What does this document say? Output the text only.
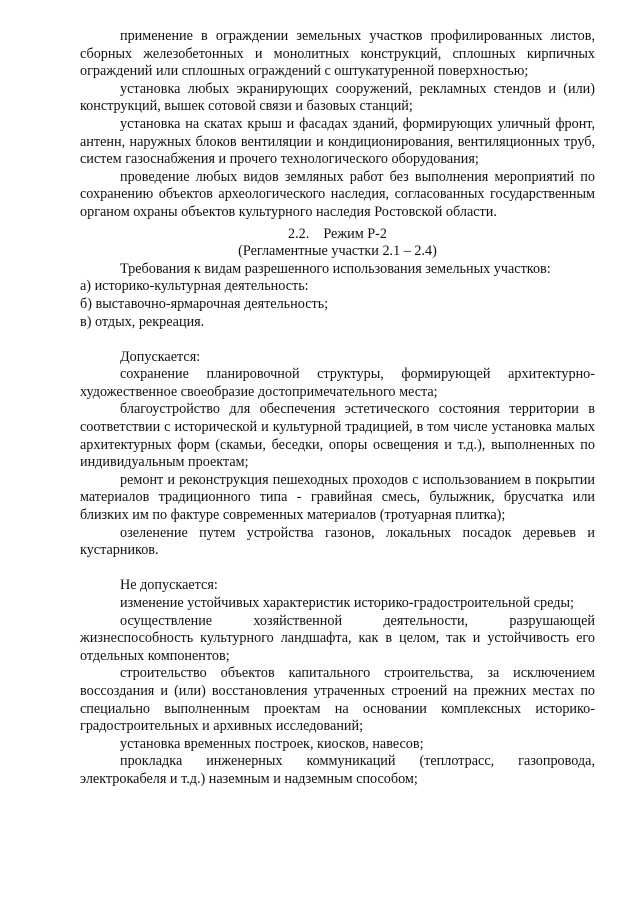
применение в ограждении земельных участков профилированных листов, сборных железобетонных и монолитных конструкций, сплошных кирпичных ограждений или сплошных ограждений с оштукатуренной поверхностью;

установка любых экранирующих сооружений, рекламных стендов и (или) конструкций, вышек сотовой связи и базовых станций;

установка на скатах крыш и фасадах зданий, формирующих уличный фронт, антенн, наружных блоков вентиляции и кондиционирования, вентиляционных труб, систем газоснабжения и прочего технологического оборудования;

проведение любых видов земляных работ без выполнения мероприятий по сохранению объектов археологического наследия, согласованных государственным органом охраны объектов культурного наследия Ростовской области.

2.2. Режим Р-2

(Регламентные участки 2.1 – 2.4)

Требования к видам разрешенного использования земельных участков:

а) историко-культурная деятельность:

б) выставочно-ярмарочная деятельность;

в) отдых, рекреация.

Допускается:

сохранение планировочной структуры, формирующей архитектурно-художественное своеобразие достопримечательного места;

благоустройство для обеспечения эстетического состояния территории в соответствии с исторической и культурной традицией, в том числе установка малых архитектурных форм (скамьи, беседки, опоры освещения и т.д.), выполненных по индивидуальным проектам;

ремонт и реконструкция пешеходных проходов с использованием в покрытии материалов традиционного типа - гравийная смесь, булыжник, брусчатка или близких им по фактуре современных материалов (тротуарная плитка);

озеленение путем устройства газонов, локальных посадок деревьев и кустарников.

Не допускается:

изменение устойчивых характеристик историко-градостроительной среды;

осуществление хозяйственной деятельности, разрушающей жизнеспособность культурного ландшафта, как в целом, так и устойчивость его отдельных компонентов;

строительство объектов капитального строительства, за исключением воссоздания и (или) восстановления утраченных строений на прежних местах по специально выполненным проектам на основании комплексных историко-градостроительных и архивных исследований;

установка временных построек, киосков, навесов;

прокладка инженерных коммуникаций (теплотрасс, газопровода, электрокабеля и т.д.) наземным и надземным способом;
